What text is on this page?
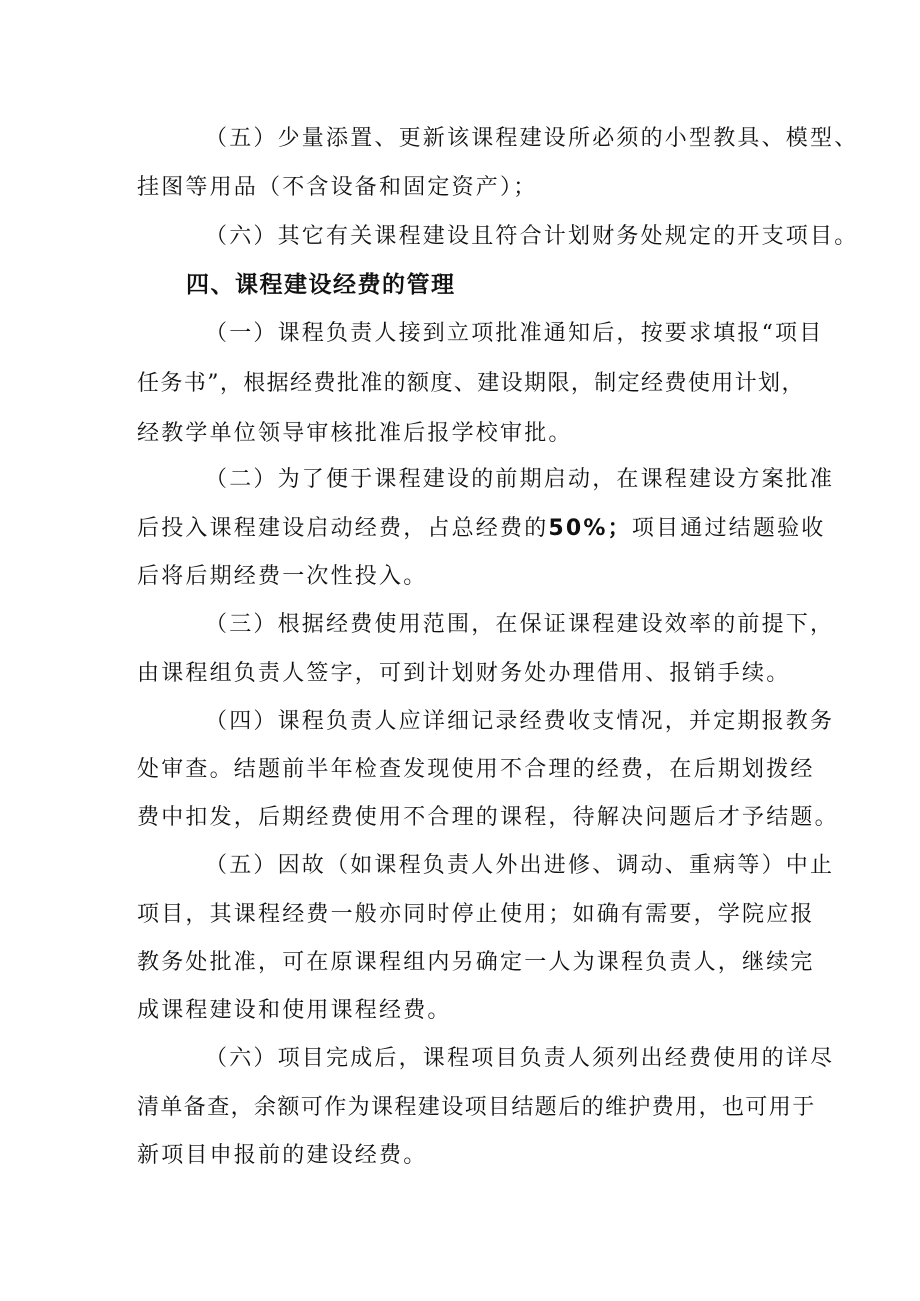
（五）少量添置、更新该课程建设所必须的小型教具、模型、
挂图等用品（不含设备和固定资产）；
（六）其它有关课程建设且符合计划财务处规定的开支项目。
四、课程建设经费的管理
（一）课程负责人接到立项批准通知后，按要求填报“项目
任务书”，根据经费批准的额度、建设期限，制定经费使用计划，
经教学单位领导审核批准后报学校审批。
（二）为了便于课程建设的前期启动，在课程建设方案批准
后投入课程建设启动经费，占总经费的50%；项目通过结题验收
后将后期经费一次性投入。
（三）根据经费使用范围，在保证课程建设效率的前提下，
由课程组负责人签字，可到计划财务处办理借用、报销手续。
（四）课程负责人应详细记录经费收支情况，并定期报教务
处审查。结题前半年检查发现使用不合理的经费，在后期划拨经
费中扣发，后期经费使用不合理的课程，待解决问题后才予结题。
（五）因故（如课程负责人外出进修、调动、重病等）中止
项目，其课程经费一般亦同时停止使用；如确有需要，学院应报
教务处批准，可在原课程组内另确定一人为课程负责人，继续完
成课程建设和使用课程经费。
（六）项目完成后，课程项目负责人须列出经费使用的详尽
清单备查，余额可作为课程建设项目结题后的维护费用，也可用于
新项目申报前的建设经费。
